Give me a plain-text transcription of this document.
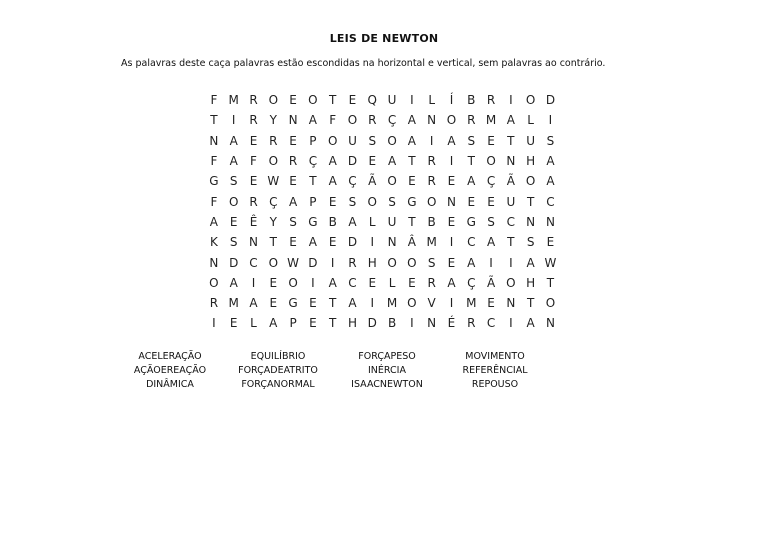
LEIS DE NEWTON
As palavras deste caça palavras estão escondidas na horizontal e vertical, sem palavras ao contrário.
F M R O E O T	E Q U	I	L	Í	B R	I	O D
T	I	R Y N A	F O R Ç A N O R M A	L	I
N A E R E	P O U S O A	I	A S	E	T U S
F	A	F O R Ç A D E A	T R	I	T O N H A
G S	E W E	T	A Ç Ã O E R E A Ç Ã O A
F O R Ç A	P	E	S O S G O N E	E U T C
A E	Ê	Y	S G B A	L	U T	B E G S C N N
K	S N T	E A E D	I	N Â M	I	C A	T	S	E
N D C O W D	I	R H O O S	E A	I	I	A W
O A	I	E O	I	A C E	L	E R A Ç Ã O H T
R M A E G E	T	A	I	M O V	I	M E N T O
I	E	L	A	P	E	T H D B	I	N É R C	I	A N
ACELERAÇÃO
AÇÃOEREAÇÃO
DINÂMICA
EQUILÍBRIO
FORÇADEATRITO
FORÇANORMAL
FORÇAPESO
INÉRCIA
ISAACNEWTON
MOVIMENTO
REFERÊNCIAL
REPOUSO
